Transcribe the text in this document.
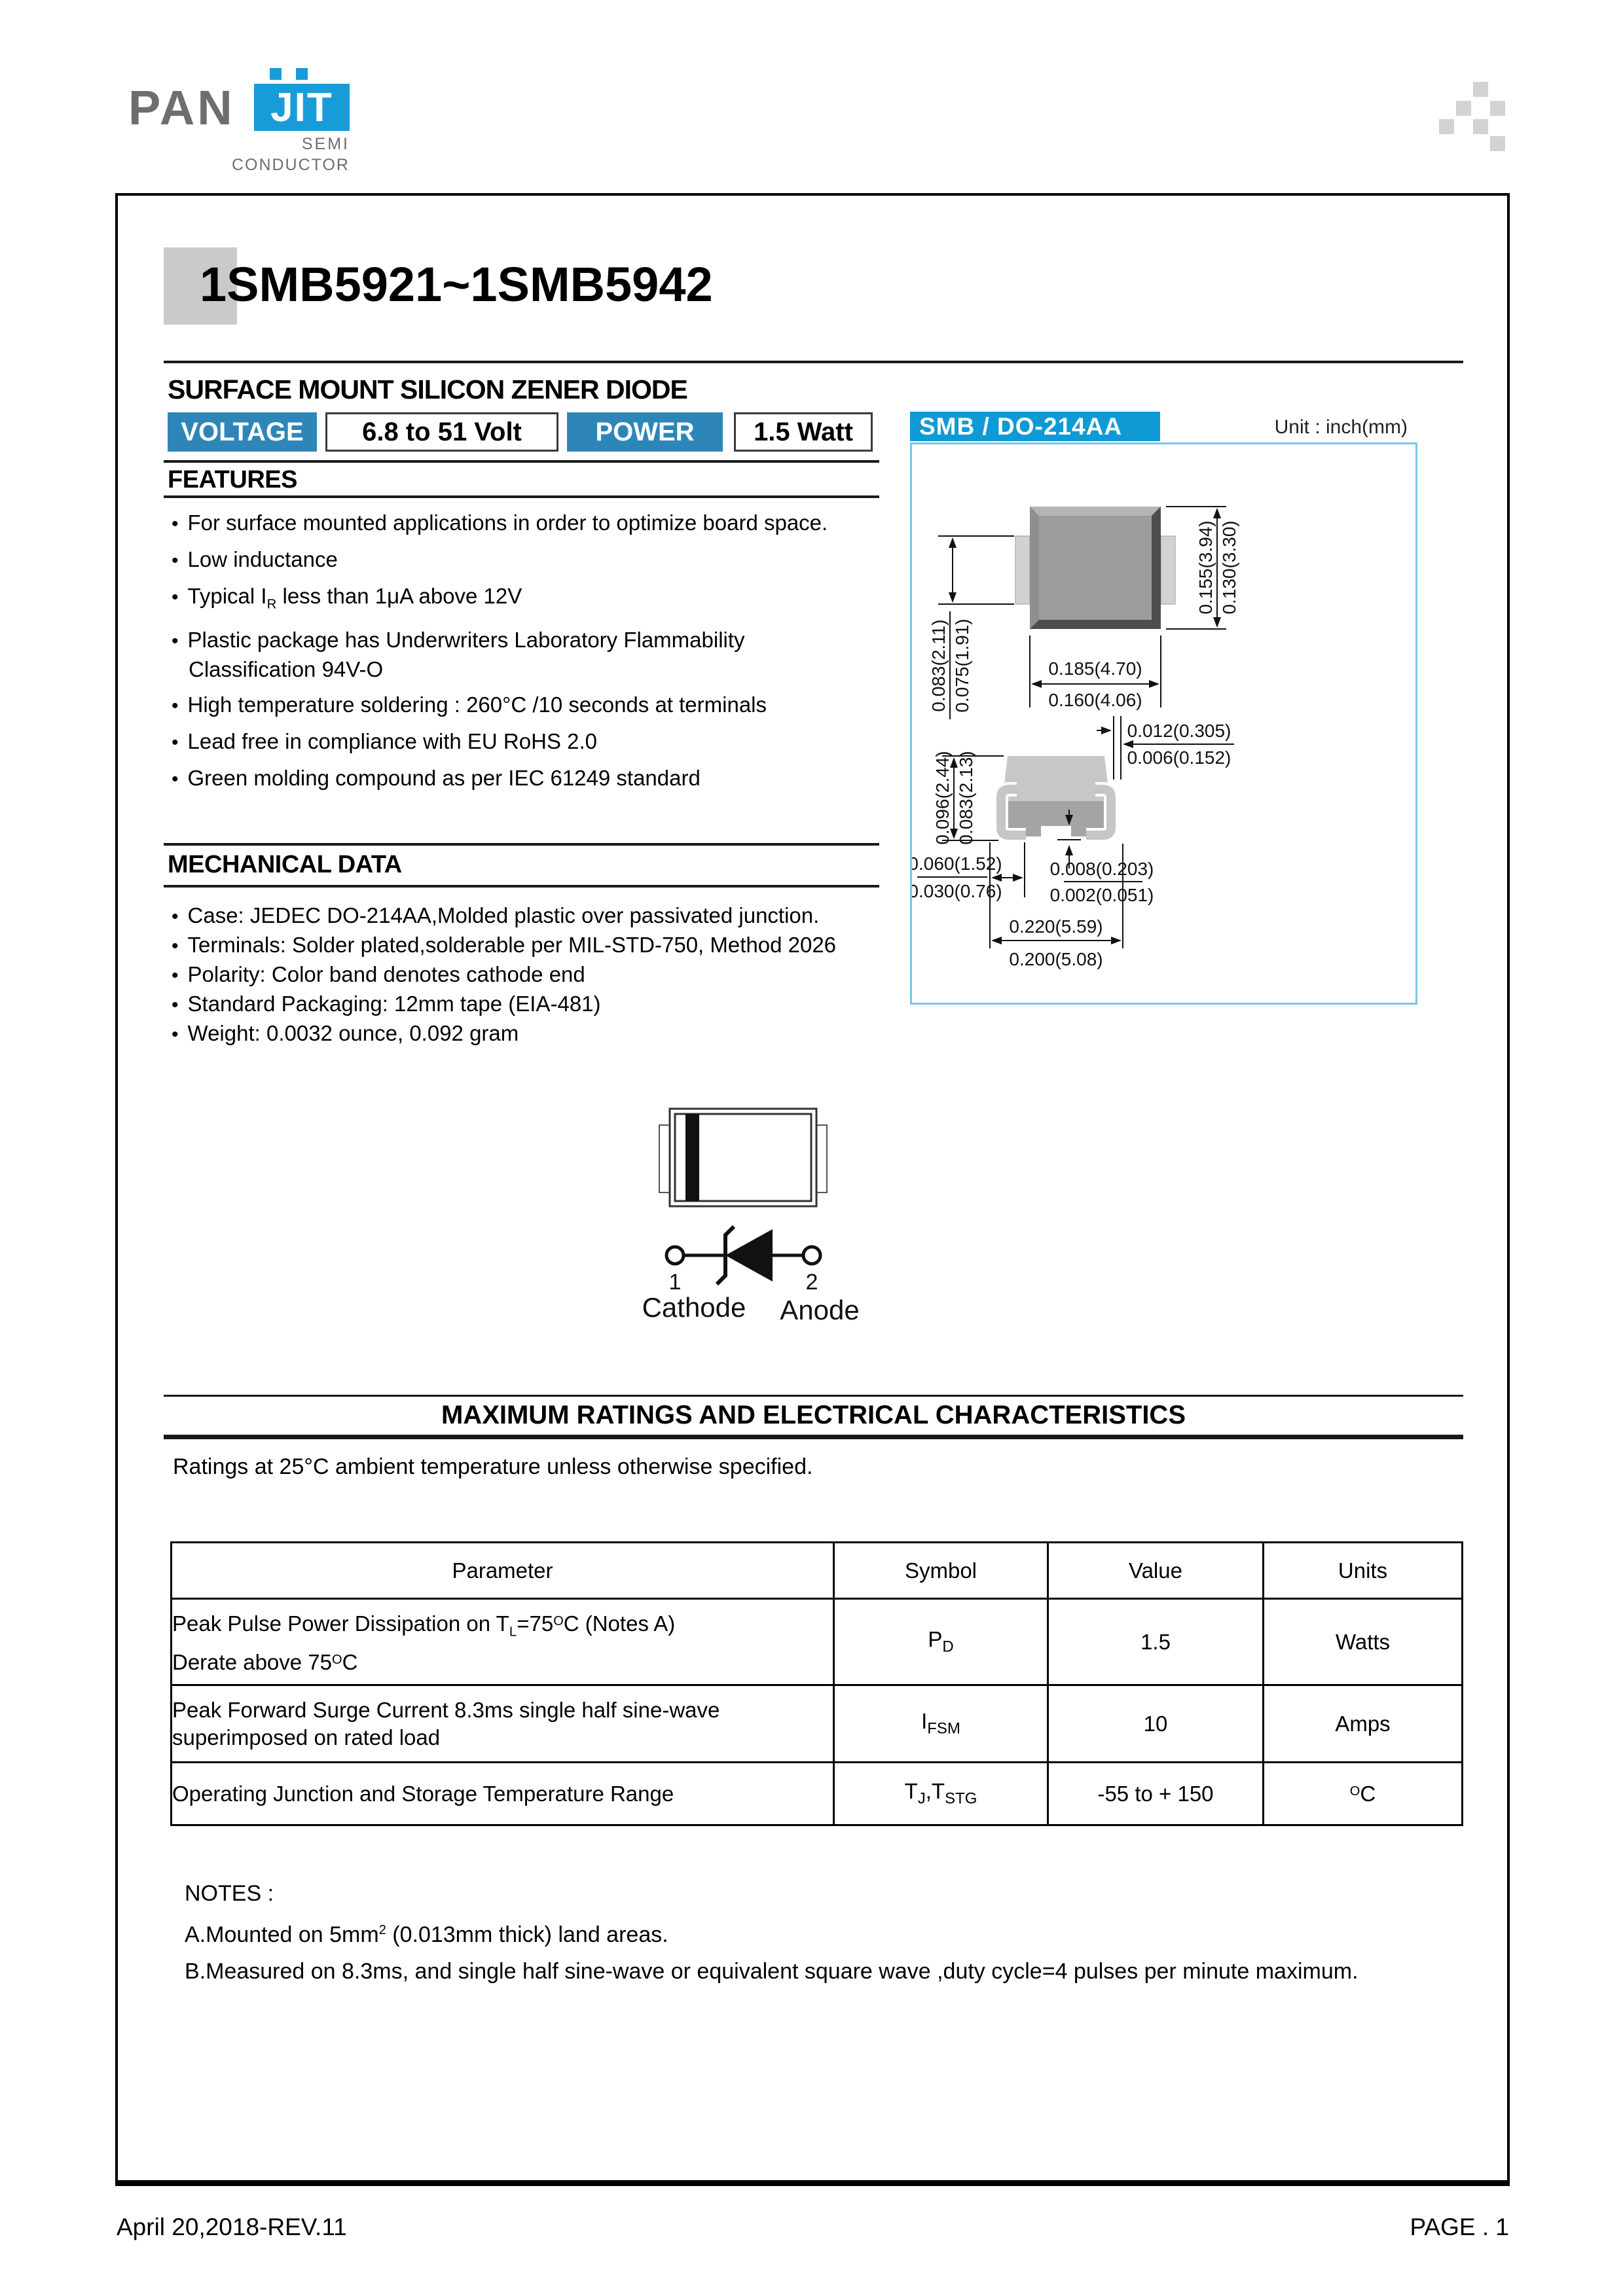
PAN JIT
SEMI
CONDUCTOR
1SMB5921~1SMB5942
SURFACE MOUNT SILICON ZENER DIODE
VOLTAGE	6.8 to 51 Volt	POWER	1.5 Watt
FEATURES
• For surface mounted applications in order to optimize board space.
• Low inductance
• Typical $I_R$ less than 1μA above 12V
• Plastic package has Underwriters Laboratory Flammability
Classification 94V-O
• High temperature soldering : 260°C /10 seconds at terminals
• Lead free in compliance with EU RoHS 2.0
• Green molding compound as per IEC 61249 standard
MECHANICAL DATA
• Case: JEDEC DO-214AA,Molded plastic over passivated junction.
• Terminals: Solder plated,solderable per MIL-STD-750, Method 2026
• Polarity: Color band denotes cathode end
• Standard Packaging: 12mm tape (EIA-481)
• Weight: 0.0032 ounce, 0.092 gram
SMB / DO-214AA	Unit : inch(mm)
0.083(2.11) 0.075(1.91)
0.155(3.94) 0.130(3.30)
0.185(4.70)
0.160(4.06)
0.012(0.305)
0.006(0.152)
0.096(2.44) 0.083(2.13)
0.060(1.52)
0.030(0.76)
0.008(0.203)
0.002(0.051)
0.220(5.59)
0.200(5.08)
1	2
Cathode Anode
MAXIMUM RATINGS AND ELECTRICAL CHARACTERISTICS
Ratings at 25°C ambient temperature unless otherwise specified.
Parameter	Symbol	Value	Units
Peak Pulse Power Dissipation on $T_L=75^OC$ (Notes A)
Derate above $75^OC$	$P_D$	1.5	Watts
Peak Forward Surge Current 8.3ms single half sine-wave
superimposed on rated load	$I_{FSM}$	10	Amps
Operating Junction and Storage Temperature Range	$T_J,T_{STG}$	-55 to + 150	$^O$C
NOTES :
A.Mounted on $5mm^2$ (0.013mm thick) land areas.
B.Measured on 8.3ms, and single half sine-wave or equivalent square wave ,duty cycle=4 pulses per minute maximum.
April 20,2018-REV.11	PAGE . 1
